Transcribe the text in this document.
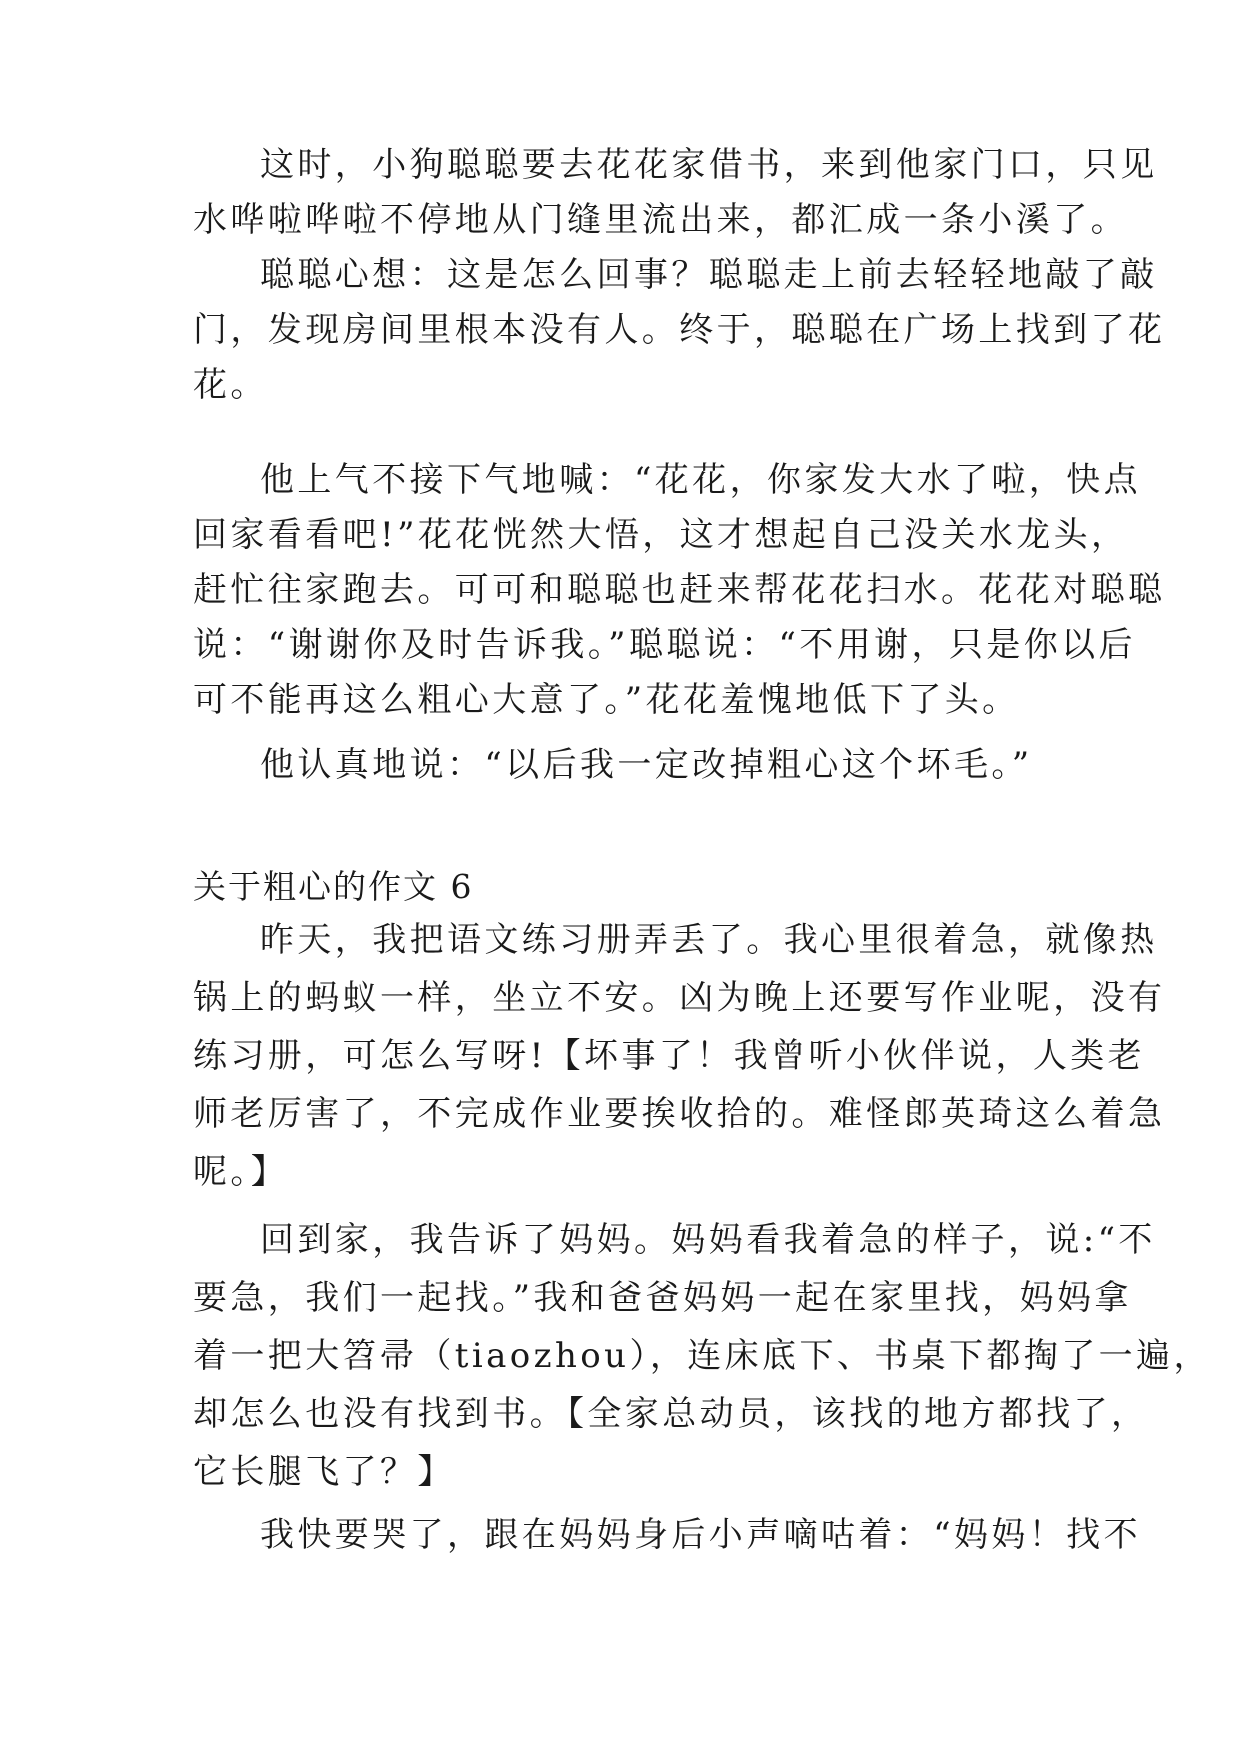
这时，小狗聪聪要去花花家借书，来到他家门口，只见
水哗啦哗啦不停地从门缝里流出来，都汇成一条小溪了。
聪聪心想：这是怎么回事？聪聪走上前去轻轻地敲了敲
门，发现房间里根本没有人。终于，聪聪在广场上找到了花
花。
他上气不接下气地喊：“花花，你家发大水了啦，快点
回家看看吧!”花花恍然大悟，这才想起自己没关水龙头，
赶忙往家跑去。可可和聪聪也赶来帮花花扫水。花花对聪聪
说：“谢谢你及时告诉我。”聪聪说：“不用谢，只是你以后
可不能再这么粗心大意了。”花花羞愧地低下了头。
他认真地说：“以后我一定改掉粗心这个坏毛。”
关于粗心的作文 6
昨天，我把语文练习册弄丢了。我心里很着急，就像热
锅上的蚂蚁一样，坐立不安。凶为晚上还要写作业呢，没有
练习册，可怎么写呀!【坏事了！我曾听小伙伴说，人类老
师老厉害了，不完成作业要挨收拾的。难怪郎英琦这么着急
呢。】
回到家，我告诉了妈妈。妈妈看我着急的样子，说:“不
要急，我们一起找。”我和爸爸妈妈一起在家里找，妈妈拿
着一把大笤帚（tiaozhou），连床底下、书桌下都掏了一遍，
却怎么也没有找到书。【全家总动员，该找的地方都找了，
它长腿飞了？】
我快要哭了，跟在妈妈身后小声嘀咕着：“妈妈！找不
